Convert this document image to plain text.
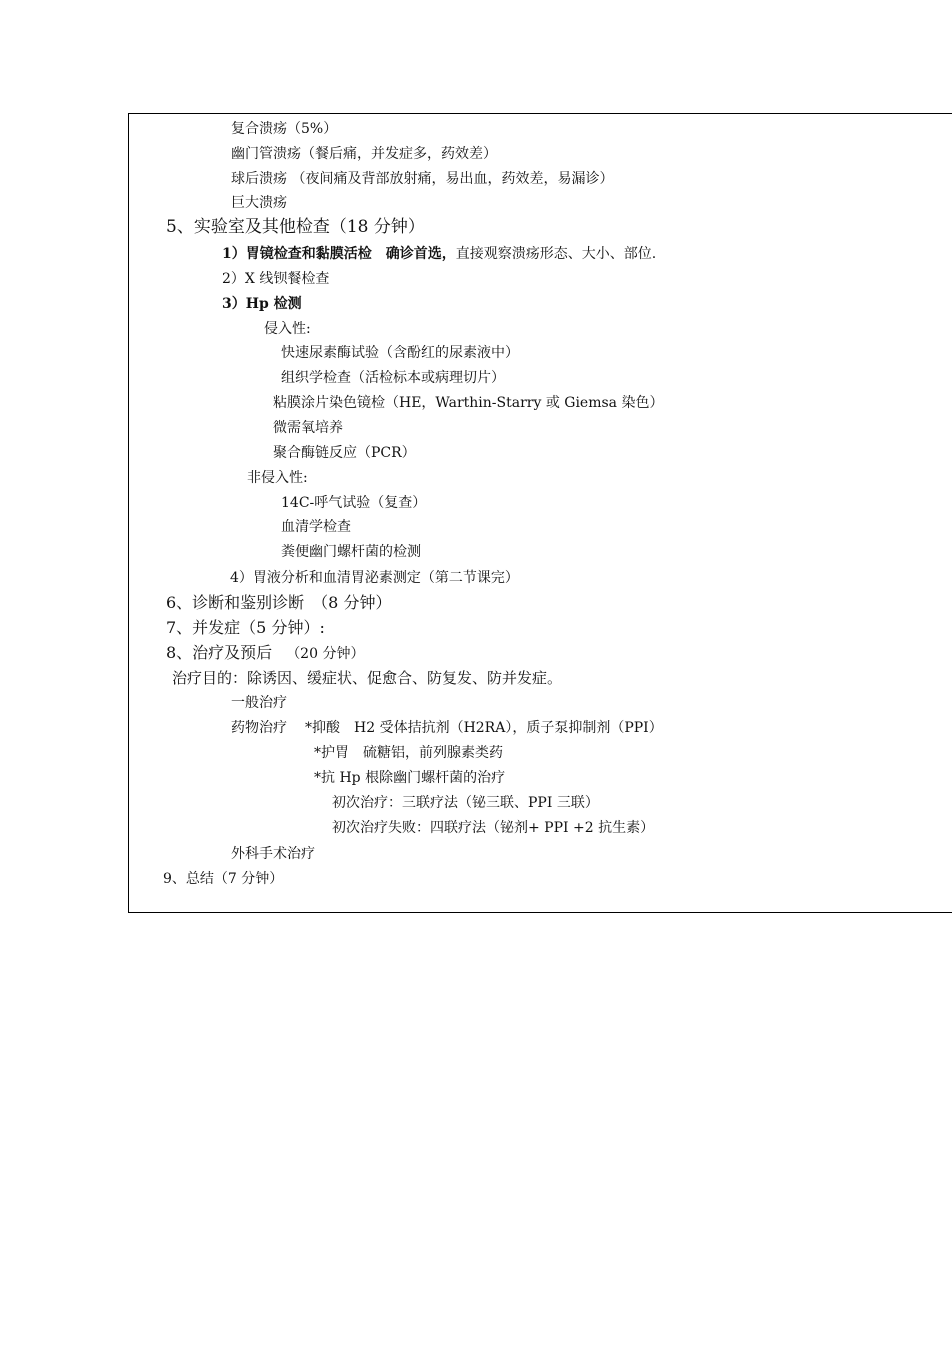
复合溃疡（5%）
幽门管溃疡（餐后痛，并发症多，药效差）
球后溃疡 （夜间痛及背部放射痛，易出血，药效差，易漏诊）
巨大溃疡
5、实验室及其他检查（18 分钟）
1）胃镜检查和黏膜活检　确诊首选，直接观察溃疡形态、大小、部位.
2）X 线钡餐检查
3）Hp 检测
侵入性:
快速尿素酶试验（含酚红的尿素液中）
组织学检查（活检标本或病理切片）
粘膜涂片染色镜检（HE，Warthin-Starry 或 Giemsa 染色）
微需氧培养
聚合酶链反应（PCR）
非侵入性:
14C-呼气试验（复查）
血清学检查
粪便幽门螺杆菌的检测
4）胃液分析和血清胃泌素测定（第二节课完）
6、诊断和鉴别诊断　（8 分钟）
7、并发症（5 分钟）:
8、治疗及预后 （20 分钟）
治疗目的：除诱因、缓症状、促愈合、防复发、防并发症。
一般治疗
药物治疗 *抑酸　H2 受体拮抗剂（H2RA），质子泵抑制剂（PPI）
*护胃　硫糖铝，前列腺素类药
*抗 Hp 根除幽门螺杆菌的治疗
初次治疗：三联疗法（铋三联、PPI 三联）
初次治疗失败：四联疗法（铋剂+ PPI +2 抗生素）
外科手术治疗
9、总结（7 分钟）
